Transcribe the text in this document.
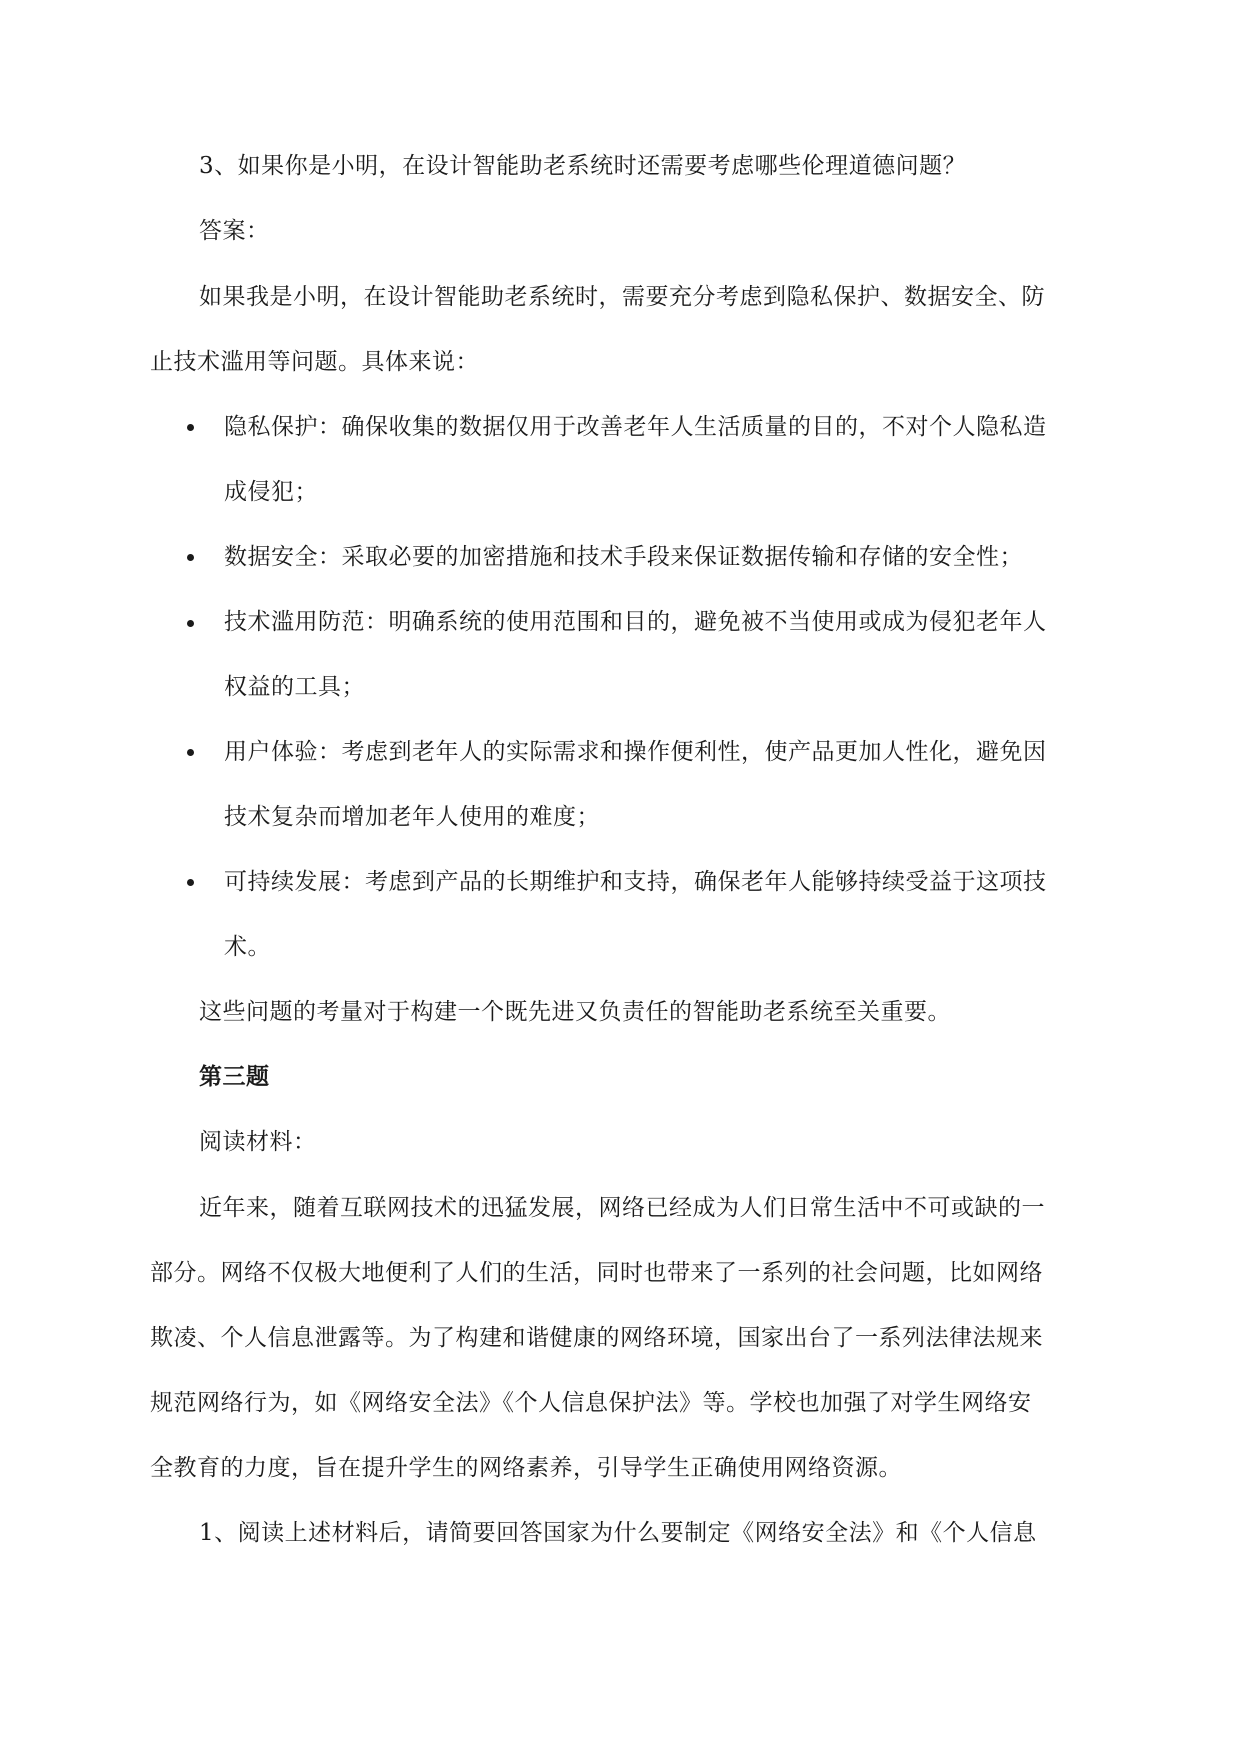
3、如果你是小明，在设计智能助老系统时还需要考虑哪些伦理道德问题？
答案：
如果我是小明，在设计智能助老系统时，需要充分考虑到隐私保护、数据安全、防
止技术滥用等问题。具体来说：
隐私保护：确保收集的数据仅用于改善老年人生活质量的目的，不对个人隐私造
成侵犯；
数据安全：采取必要的加密措施和技术手段来保证数据传输和存储的安全性；
技术滥用防范：明确系统的使用范围和目的，避免被不当使用或成为侵犯老年人
权益的工具；
用户体验：考虑到老年人的实际需求和操作便利性，使产品更加人性化，避免因
技术复杂而增加老年人使用的难度；
可持续发展：考虑到产品的长期维护和支持，确保老年人能够持续受益于这项技
术。
这些问题的考量对于构建一个既先进又负责任的智能助老系统至关重要。
第三题
阅读材料：
近年来，随着互联网技术的迅猛发展，网络已经成为人们日常生活中不可或缺的一
部分。网络不仅极大地便利了人们的生活，同时也带来了一系列的社会问题，比如网络
欺凌、个人信息泄露等。为了构建和谐健康的网络环境，国家出台了一系列法律法规来
规范网络行为，如《网络安全法》《个人信息保护法》等。学校也加强了对学生网络安
全教育的力度，旨在提升学生的网络素养，引导学生正确使用网络资源。
1、阅读上述材料后，请简要回答国家为什么要制定《网络安全法》和《个人信息
